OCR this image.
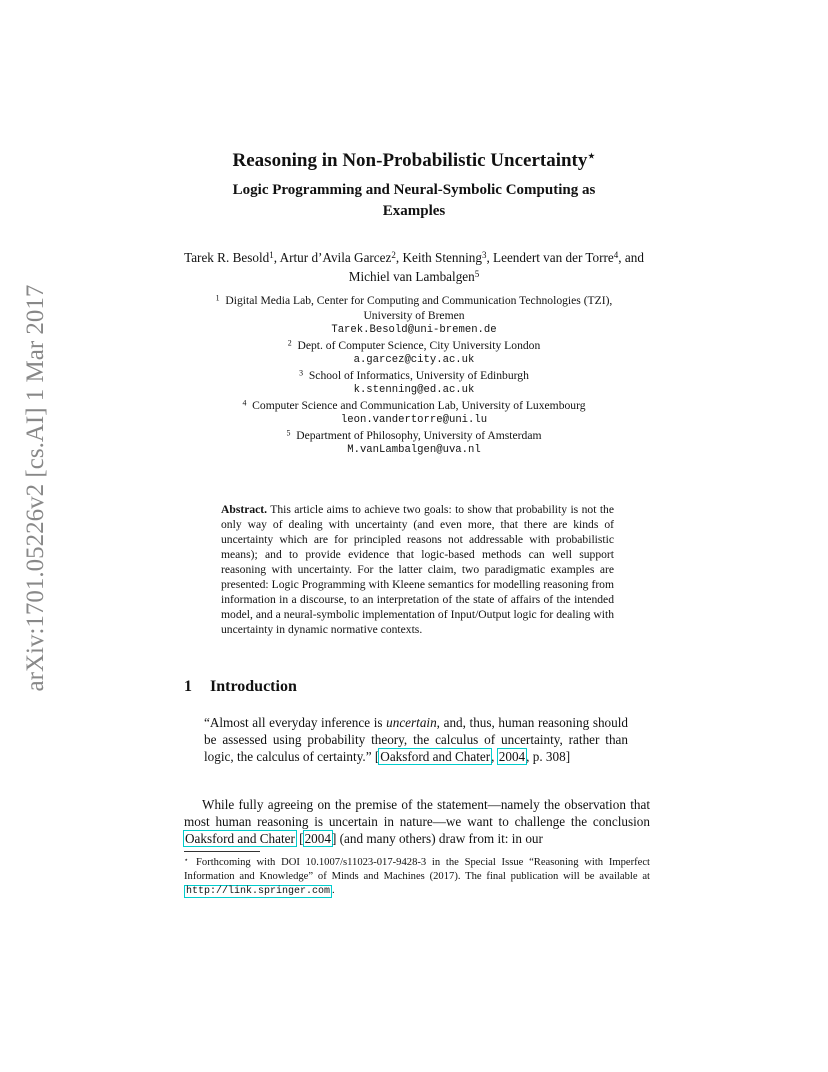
arXiv:1701.05226v2 [cs.AI] 1 Mar 2017
Reasoning in Non-Probabilistic Uncertainty⋆
Logic Programming and Neural-Symbolic Computing as
Examples
Tarek R. Besold$^1$, Artur d’Avila Garcez$^2$, Keith Stenning$^3$, Leendert van der Torre$^4$, and Michiel van Lambalgen$^5$
$^1$ Digital Media Lab, Center for Computing and Communication Technologies (TZI),
University of Bremen
Tarek.Besold@uni-bremen.de
$^2$ Dept. of Computer Science, City University London
a.garcez@city.ac.uk
$^3$ School of Informatics, University of Edinburgh
k.stenning@ed.ac.uk
$^4$ Computer Science and Communication Lab, University of Luxembourg
leon.vandertorre@uni.lu
$^5$ Department of Philosophy, University of Amsterdam
M.vanLambalgen@uva.nl
Abstract. This article aims to achieve two goals: to show that probability is not the only way of dealing with uncertainty (and even more, that there are kinds of uncertainty which are for principled reasons not addressable with probabilistic means); and to provide evidence that logic-based methods can well support reasoning with uncertainty. For the latter claim, two paradigmatic examples are presented: Logic Programming with Kleene semantics for modelling reasoning from information in a discourse, to an interpretation of the state of affairs of the intended model, and a neural-symbolic implementation of Input/Output logic for dealing with uncertainty in dynamic normative contexts.
1 Introduction
“Almost all everyday inference is uncertain, and, thus, human reasoning should be assessed using probability theory, the calculus of uncertainty, rather than logic, the calculus of certainty.” [Oaksford and Chater, 2004, p. 308]
While fully agreeing on the premise of the statement—namely the observation that most human reasoning is uncertain in nature—we want to challenge the conclusion Oaksford and Chater [2004] (and many others) draw from it: in our
⋆ Forthcoming with DOI 10.1007/s11023-017-9428-3 in the Special Issue “Reasoning with Imperfect Information and Knowledge” of Minds and Machines (2017). The final publication will be available at http://link.springer.com .
